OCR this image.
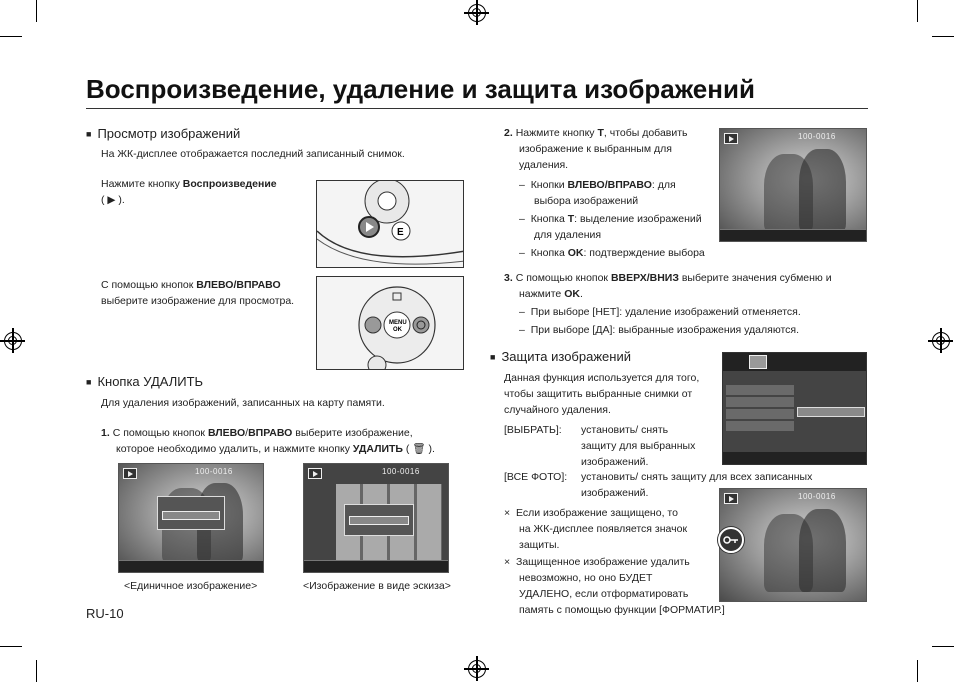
Воспроизведение, удаление и защита изображений
■ Просмотр изображений
На ЖК-дисплее отображается последний записанный снимок.
Нажмите кнопку Воспроизведение
( ▶ ).
E
С помощью кнопок ВЛЕВО/ВПРАВО
выберите изображение для просмотра.
MENU
OK
■ Кнопка УДАЛИТЬ
Для удаления изображений, записанных на карту памяти.
1. С помощью кнопок ВЛЕВО/ВПРАВО выберите изображение,
которое необходимо удалить, и нажмите кнопку УДАЛИТЬ ( 🗑 ).
100-0016	100-0016
<Единичное изображение>	<Изображение в виде эскиза>
RU-10
2. Нажмите кнопку T, чтобы добавить
изображение к выбранным для
удаления.
– Кнопки ВЛЕВО/ВПРАВО: для
выбора изображений
– Кнопка T: выделение изображений
для удаления
– Кнопка OK: подтверждение выбора
100-0016
3. С помощью кнопок ВВЕРХ/ВНИЗ выберите значения субменю и
нажмите OK.
– При выборе [НЕТ]: удаление изображений отменяется.
– При выборе [ДА]: выбранные изображения удаляются.
■ Защита изображений
Данная функция используется для того,
чтобы защитить выбранные снимки от
случайного удаления.
[ВЫБРАТЬ]: установить/ снять
защиту для выбранных
изображений.
[ВСЕ ФОТО]: установить/ снять защиту для всех записанных
изображений.
× Если изображение защищено, то
на ЖК-дисплее появляется значок
защиты.
× Защищенное изображение удалить
невозможно, но оно БУДЕТ
УДАЛЕНО, если отформатировать
память с помощью функции [ФОРМАТИР.]
100-0016
